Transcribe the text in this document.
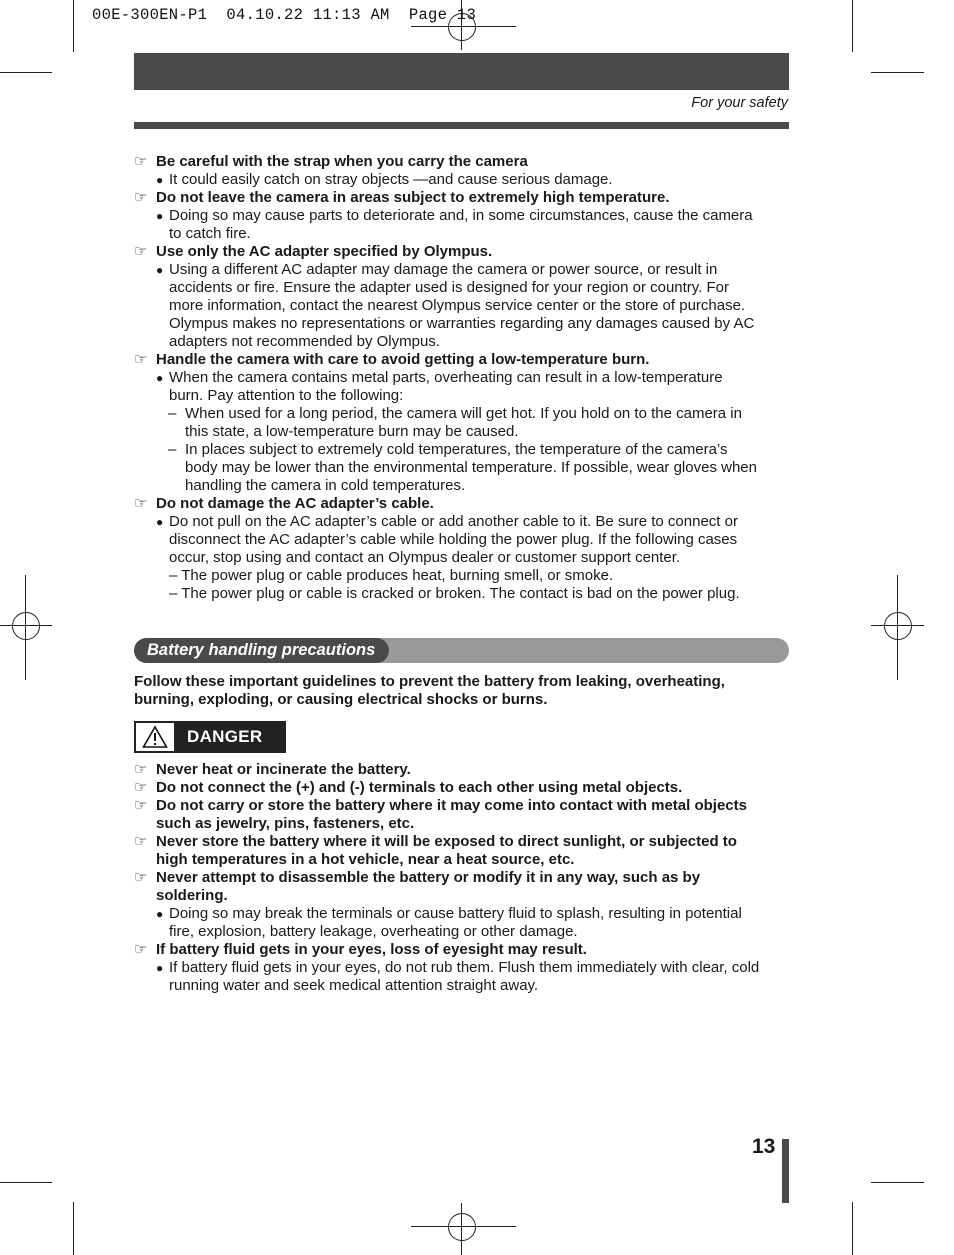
00E-300EN-P1  04.10.22 11:13 AM  Page 13
For your safety
☞ Be careful with the strap when you carry the camera
● It could easily catch on stray objects —and cause serious damage.
☞ Do not leave the camera in areas subject to extremely high temperature.
● Doing so may cause parts to deteriorate and, in some circumstances, cause the camera
to catch fire.
☞ Use only the AC adapter specified by Olympus.
● Using a different AC adapter may damage the camera or power source, or result in
accidents or fire. Ensure the adapter used is designed for your region or country. For
more information, contact the nearest Olympus service center or the store of purchase.
Olympus makes no representations or warranties regarding any damages caused by AC
adapters not recommended by Olympus.
☞ Handle the camera with care to avoid getting a low-temperature burn.
● When the camera contains metal parts, overheating can result in a low-temperature
burn. Pay attention to the following:
– When used for a long period, the camera will get hot. If you hold on to the camera in
this state, a low-temperature burn may be caused.
– In places subject to extremely cold temperatures, the temperature of the camera’s
body may be lower than the environmental temperature. If possible, wear gloves when
handling the camera in cold temperatures.
☞ Do not damage the AC adapter’s cable.
● Do not pull on the AC adapter’s cable or add another cable to it. Be sure to connect or
disconnect the AC adapter’s cable while holding the power plug. If the following cases
occur, stop using and contact an Olympus dealer or customer support center.
– The power plug or cable produces heat, burning smell, or smoke.
– The power plug or cable is cracked or broken. The contact is bad on the power plug.
Battery handling precautions
Follow these important guidelines to prevent the battery from leaking, overheating,
burning, exploding, or causing electrical shocks or burns.
DANGER
☞ Never heat or incinerate the battery.
☞ Do not connect the (+) and (-) terminals to each other using metal objects.
☞ Do not carry or store the battery where it may come into contact with metal objects
such as jewelry, pins, fasteners, etc.
☞ Never store the battery where it will be exposed to direct sunlight, or subjected to
high temperatures in a hot vehicle, near a heat source, etc.
☞ Never attempt to disassemble the battery or modify it in any way, such as by
soldering.
● Doing so may break the terminals or cause battery fluid to splash, resulting in potential
fire, explosion, battery leakage, overheating or other damage.
☞ If battery fluid gets in your eyes, loss of eyesight may result.
● If battery fluid gets in your eyes, do not rub them. Flush them immediately with clear, cold
running water and seek medical attention straight away.
13
